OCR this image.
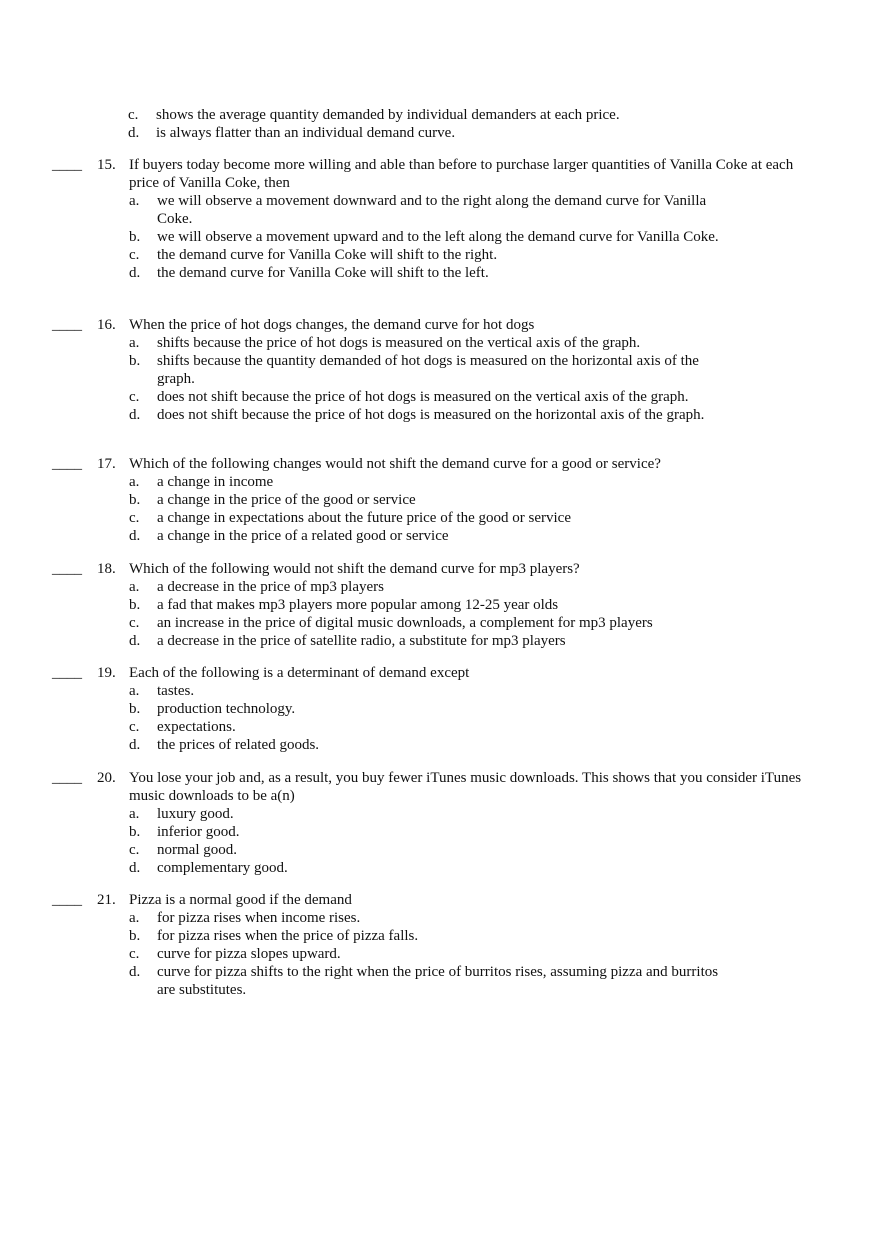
c.	shows the average quantity demanded by individual demanders at each price.
d.	is always flatter than an individual demand curve.
____ 15. If buyers today become more willing and able than before to purchase larger quantities of Vanilla Coke at each price of Vanilla Coke, then
a.	we will observe a movement downward and to the right along the demand curve for Vanilla Coke.
b.	we will observe a movement upward and to the left along the demand curve for Vanilla Coke.
c.	the demand curve for Vanilla Coke will shift to the right.
d.	the demand curve for Vanilla Coke will shift to the left.
____ 16. When the price of hot dogs changes, the demand curve for hot dogs
a.	shifts because the price of hot dogs is measured on the vertical axis of the graph.
b.	shifts because the quantity demanded of hot dogs is measured on the horizontal axis of the graph.
c.	does not shift because the price of hot dogs is measured on the vertical axis of the graph.
d.	does not shift because the price of hot dogs is measured on the horizontal axis of the graph.
____ 17. Which of the following changes would not shift the demand curve for a good or service?
a.	a change in income
b.	a change in the price of the good or service
c.	a change in expectations about the future price of the good or service
d.	a change in the price of a related good or service
____ 18. Which of the following would not shift the demand curve for mp3 players?
a.	a decrease in the price of mp3 players
b.	a fad that makes mp3 players more popular among 12-25 year olds
c.	an increase in the price of digital music downloads, a complement for mp3 players
d.	a decrease in the price of satellite radio, a substitute for mp3 players
____ 19. Each of the following is a determinant of demand except
a.	tastes.
b.	production technology.
c.	expectations.
d.	the prices of related goods.
____ 20. You lose your job and, as a result, you buy fewer iTunes music downloads. This shows that you consider iTunes music downloads to be a(n)
a.	luxury good.
b.	inferior good.
c.	normal good.
d.	complementary good.
____ 21. Pizza is a normal good if the demand
a.	for pizza rises when income rises.
b.	for pizza rises when the price of pizza falls.
c.	curve for pizza slopes upward.
d.	curve for pizza shifts to the right when the price of burritos rises, assuming pizza and burritos are substitutes.
